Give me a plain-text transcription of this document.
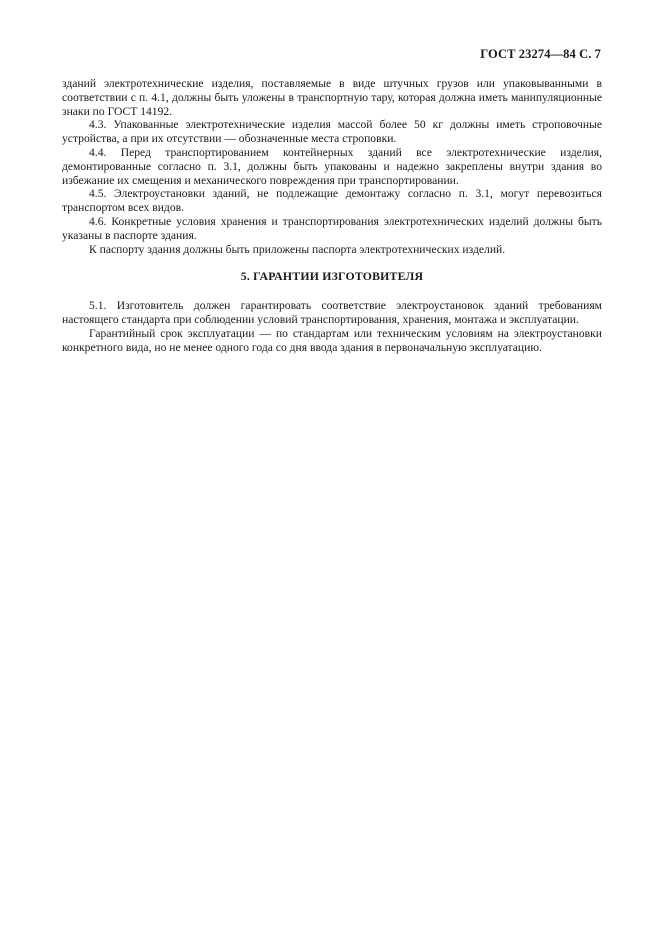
ГОСТ 23274—84 С. 7

зданий электротехнические изделия, поставляемые в виде штучных грузов или упаковыванными в соответствии с п. 4.1, должны быть уложены в транспортную тару, которая должна иметь манипуляционные знаки по ГОСТ 14192.

4.3. Упакованные электротехнические изделия массой более 50 кг должны иметь строповочные устройства, а при их отсутствии — обозначенные места строповки.

4.4. Перед транспортированием контейнерных зданий все электротехнические изделия, демонтированные согласно п. 3.1, должны быть упакованы и надежно закреплены внутри здания во избежание их смещения и механического повреждения при транспортировании.

4.5. Электроустановки зданий, не подлежащие демонтажу согласно п. 3.1, могут перевозиться транспортом всех видов.

4.6. Конкретные условия хранения и транспортирования электротехнических изделий должны быть указаны в паспорте здания.

К паспорту здания должны быть приложены паспорта электротехнических изделий.

5. ГАРАНТИИ ИЗГОТОВИТЕЛЯ

5.1. Изготовитель должен гарантировать соответствие электроустановок зданий требованиям настоящего стандарта при соблюдении условий транспортирования, хранения, монтажа и эксплуатации.

Гарантийный срок эксплуатации — по стандартам или техническим условиям на электроустановки конкретного вида, но не менее одного года со дня ввода здания в первоначальную эксплуатацию.
